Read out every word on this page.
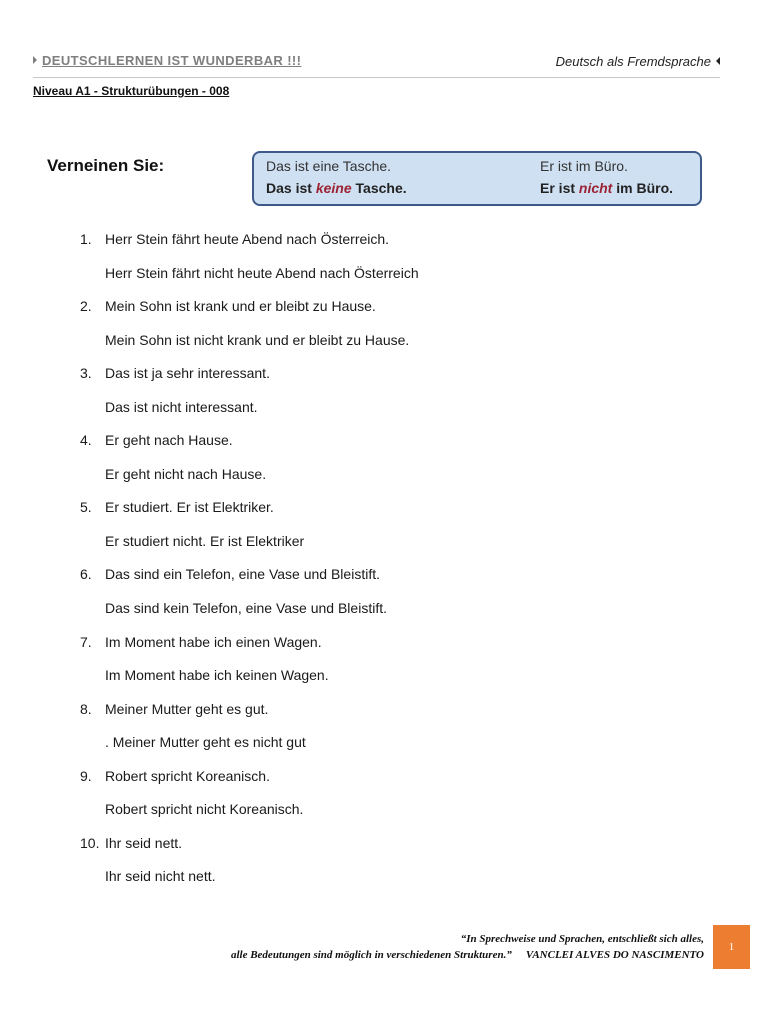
DEUTSCHLERNEN IST WUNDERBAR !!!	Deutsch als Fremdsprache
Niveau A1 - Strukturübungen - 008
Verneinen Sie:	Das ist eine Tasche.
Das ist keine Tasche.
Er ist im Büro.
Er ist nicht im Büro.
1. Herr Stein fährt heute Abend nach Österreich.
Herr Stein fährt nicht heute Abend nach Österreich
2. Mein Sohn ist krank und er bleibt zu Hause.
Mein Sohn ist nicht krank und er bleibt zu Hause.
3. Das ist ja sehr interessant.
Das ist nicht interessant.
4. Er geht nach Hause.
Er geht nicht nach Hause.
5. Er studiert. Er ist Elektriker.
Er studiert nicht. Er ist Elektriker
6. Das sind ein Telefon, eine Vase und Bleistift.
Das sind kein Telefon, eine Vase und Bleistift.
7. Im Moment habe ich einen Wagen.
Im Moment habe ich keinen Wagen.
8. Meiner Mutter geht es gut.
. Meiner Mutter geht es nicht gut
9. Robert spricht Koreanisch.
Robert spricht nicht Koreanisch.
10. Ihr seid nett.
Ihr seid nicht nett.
“In Sprechweise und Sprachen, entschließt sich alles,
alle Bedeutungen sind möglich in verschiedenen Strukturen.” VANCLEI ALVES DO NASCIMENTO
1
